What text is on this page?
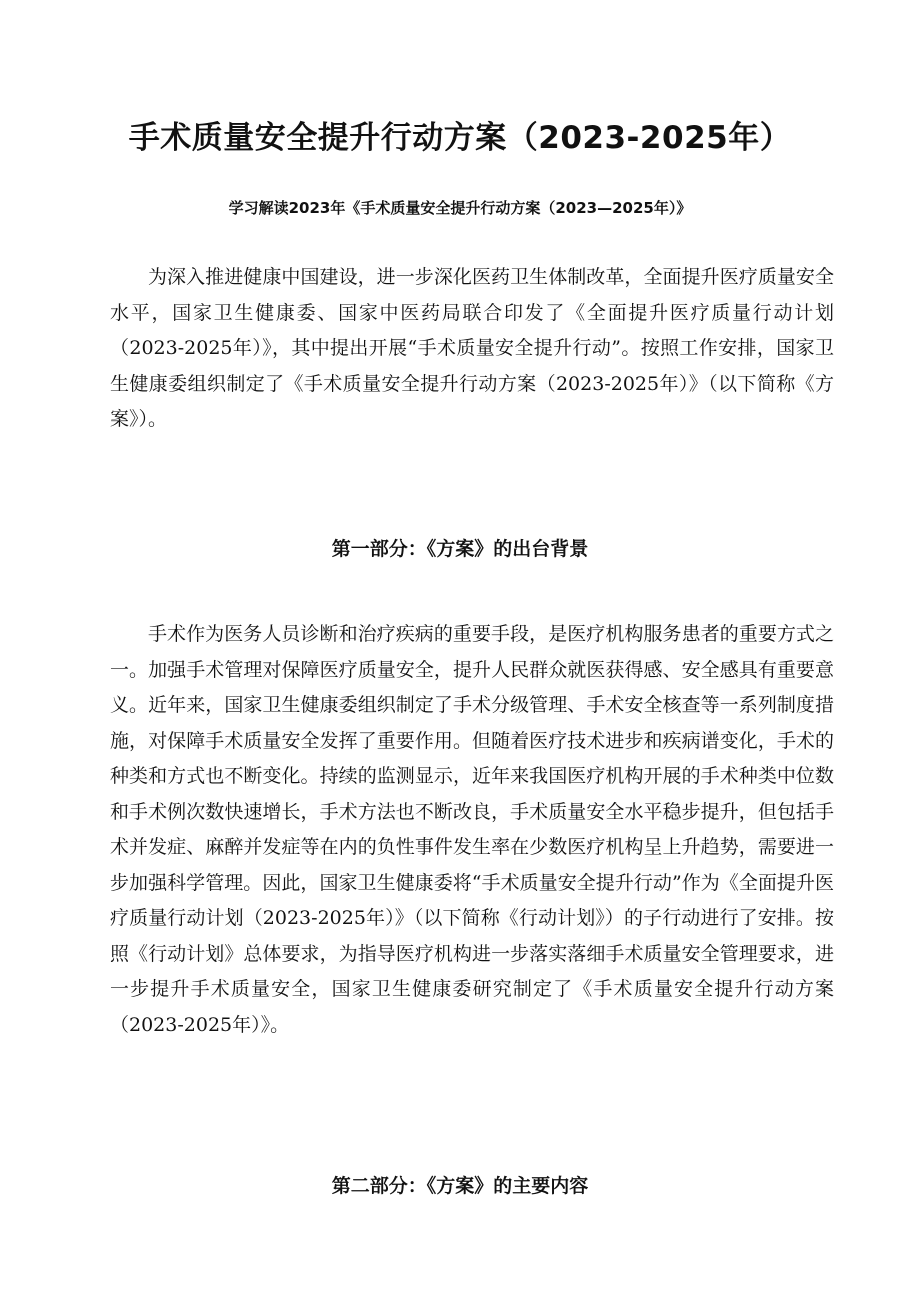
手术质量安全提升行动方案（2023-2025年）
学习解读2023年《手术质量安全提升行动方案（2023—2025年）》

为深入推进健康中国建设，进一步深化医药卫生体制改革，全面提升医疗质量安全水平，国家卫生健康委、国家中医药局联合印发了《全面提升医疗质量行动计划（2023-2025年）》，其中提出开展“手术质量安全提升行动”。按照工作安排，国家卫生健康委组织制定了《手术质量安全提升行动方案（2023-2025年）》（以下简称《方案》）。

第一部分：《方案》的出台背景

手术作为医务人员诊断和治疗疾病的重要手段，是医疗机构服务患者的重要方式之一。加强手术管理对保障医疗质量安全，提升人民群众就医获得感、安全感具有重要意义。近年来，国家卫生健康委组织制定了手术分级管理、手术安全核查等一系列制度措施，对保障手术质量安全发挥了重要作用。但随着医疗技术进步和疾病谱变化，手术的种类和方式也不断变化。持续的监测显示，近年来我国医疗机构开展的手术种类中位数和手术例次数快速增长，手术方法也不断改良，手术质量安全水平稳步提升，但包括手术并发症、麻醉并发症等在内的负性事件发生率在少数医疗机构呈上升趋势，需要进一步加强科学管理。因此，国家卫生健康委将“手术质量安全提升行动”作为《全面提升医疗质量行动计划（2023-2025年）》（以下简称《行动计划》）的子行动进行了安排。按照《行动计划》总体要求，为指导医疗机构进一步落实落细手术质量安全管理要求，进一步提升手术质量安全，国家卫生健康委研究制定了《手术质量安全提升行动方案（2023-2025年）》。

第二部分：《方案》的主要内容
